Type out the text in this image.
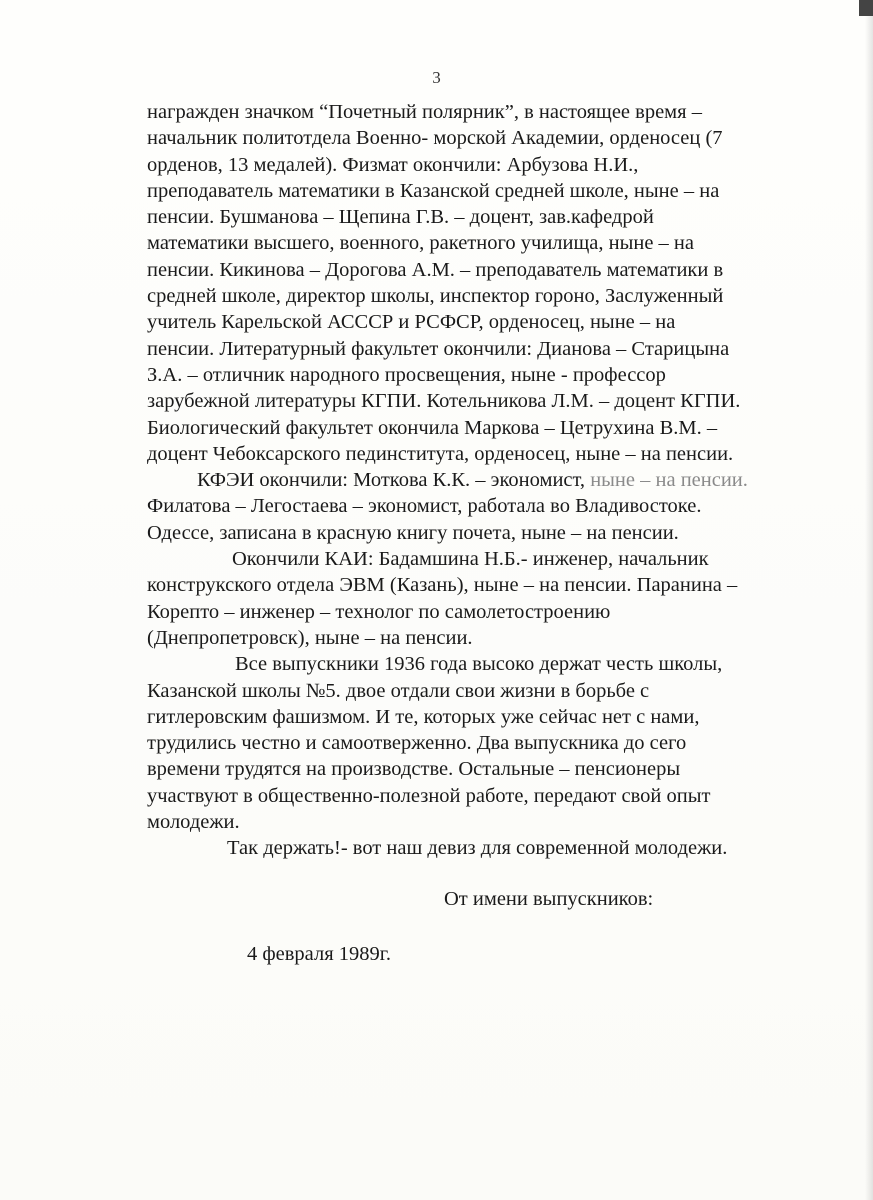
3
награжден значком “Почетный полярник”, в настоящее время –
начальник политотдела Военно- морской Академии, орденосец (7
орденов, 13 медалей). Физмат окончили: Арбузова Н.И.,
преподаватель математики в Казанской средней школе, ныне – на
пенсии. Бушманова – Щепина Г.В. – доцент, зав.кафедрой
математики высшего, военного, ракетного училища, ныне – на
пенсии. Кикинова – Дорогова А.М. – преподаватель математики в
средней школе, директор школы, инспектор гороно, Заслуженный
учитель Карельской АССCР и РСФСР, орденосец, ныне – на
пенсии. Литературный факультет окончили: Дианова – Старицына
З.А. – отличник народного просвещения, ныне - профессор
зарубежной литературы КГПИ. Котельникова Л.М. – доцент КГПИ.
Биологический факультет окончила Маркова – Цетрухина В.М. –
доцент Чебоксарского пединститута, орденосец, ныне – на пенсии.
КФЭИ окончили: Моткова К.К. – экономист, ныне – на пенсии.
Филатова – Легостаева – экономист, работала во Владивостоке.
Одессе, записана в красную книгу почета, ныне – на пенсии.
Окончили КАИ: Бадамшина Н.Б.- инженер, начальник
конструкского отдела ЭВМ (Казань), ныне – на пенсии. Паранина –
Корепто – инженер – технолог по самолетостроению
(Днепропетровск), ныне – на пенсии.
Все выпускники 1936 года высоко держат честь школы,
Казанской школы №5. двое отдали свои жизни в борьбе с
гитлеровским фашизмом. И те, которых уже сейчас нет с нами,
трудились честно и самоотверженно. Два выпускника до сего
времени трудятся на производстве. Остальные – пенсионеры
участвуют в общественно-полезной работе, передают свой опыт
молодежи.
Так держать!- вот наш девиз для современной молодежи.
От имени выпускников:
4 февраля 1989г.
